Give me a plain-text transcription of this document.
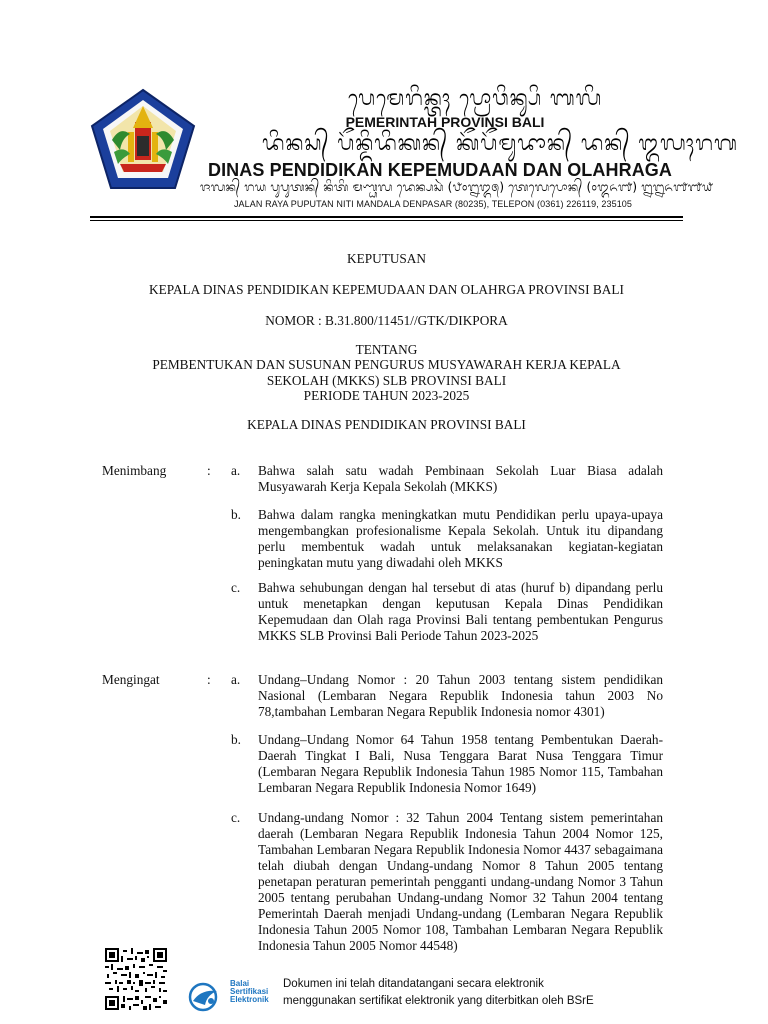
ᬧᬾᬫᬾᬭᬶᬦ᭄ᬢᬄ ᬧ᭄ᬭᭀᬯᬶᬦ᭄ᬲᬶ ᬩᬮᬶ
PEMERINTAH PROVINSI BALI
ᬤᬶᬦᬲ᭄ ᬧᭂᬦ᭄ᬤᬶᬤᬶᬓᬦ᭄ ᬓᭂᬧᭂᬫᬸᬤᬵᬦ᭄ ᬤᬦ᭄ ᬑᬮᬄᬭᬕ
DINAS PENDIDIKAN KEPEMUDAAN DAN OLAHRAGA
ᬚᬮᬦ᭄ ᬭᬬ ᬧᬸᬧᬸᬢᬦ᭄ ᬦᬶᬢᬶ ᬫᬡ᭄ᬟᬮ ᬤᬾᬦ᭄ᬧᬲᬃ (᭘᭐᭒᭓᭕) ᬢᬾᬮᬾᬧᭀᬦ᭄ (᭐᭓᭖᭑) ᭒᭒᭖᭑᭑᭙
JALAN RAYA PUPUTAN NITI MANDALA DENPASAR (80235), TELEPON (0361) 226119, 235105
KEPUTUSAN
KEPALA DINAS PENDIDIKAN KEPEMUDAAN DAN OLAHRGA PROVINSI BALI
NOMOR : B.31.800/11451//GTK/DIKPORA
TENTANG
PEMBENTUKAN DAN SUSUNAN PENGURUS MUSYAWARAH KERJA KEPALA
SEKOLAH (MKKS) SLB PROVINSI BALI
PERIODE TAHUN 2023-2025
KEPALA DINAS PENDIDIKAN PROVINSI BALI
Menimbang	: a. Bahwa salah satu wadah Pembinaan Sekolah Luar Biasa adalah Musyawarah Kerja Kepala Sekolah (MKKS)
b. Bahwa dalam rangka meningkatkan mutu Pendidikan perlu upaya-upaya mengembangkan profesionalisme Kepala Sekolah. Untuk itu dipandang perlu membentuk wadah untuk melaksanakan kegiatan-kegiatan peningkatan mutu yang diwadahi oleh MKKS
c. Bahwa sehubungan dengan hal tersebut di atas (huruf b) dipandang perlu untuk menetapkan dengan keputusan Kepala Dinas Pendidikan Kepemudaan dan Olah raga Provinsi Bali tentang pembentukan Pengurus MKKS SLB Provinsi Bali Periode Tahun 2023-2025
Mengingat	: a. Undang–Undang Nomor : 20 Tahun 2003 tentang sistem pendidikan Nasional (Lembaran Negara Republik Indonesia tahun 2003 No 78,tambahan Lembaran Negara Republik Indonesia nomor 4301)
b. Undang–Undang Nomor 64 Tahun 1958 tentang Pembentukan Daerah-Daerah Tingkat I Bali, Nusa Tenggara Barat Nusa Tenggara Timur (Lembaran Negara Republik Indonesia Tahun 1985 Nomor 115, Tambahan Lembaran Negara Republik Indonesia Nomor 1649)
c. Undang-undang Nomor : 32 Tahun 2004 Tentang sistem pemerintahan daerah (Lembaran Negara Republik Indonesia Tahun 2004 Nomor 125, Tambahan Lembaran Negara Republik Indonesia Nomor 4437 sebagaimana telah diubah dengan Undang-undang Nomor 8 Tahun 2005 tentang penetapan peraturan pemerintah pengganti undang-undang Nomor 3 Tahun 2005 tentang perubahan Undang-undang Nomor 32 Tahun 2004 tentang Pemerintah Daerah menjadi Undang-undang (Lembaran Negara Republik Indonesia Tahun 2005 Nomor 108, Tambahan Lembaran Negara Republik Indonesia Tahun 2005 Nomor 44548)
Balai
Sertifikasi
Elektronik
Dokumen ini telah ditandatangani secara elektronik
menggunakan sertifikat elektronik yang diterbitkan oleh BSrE
